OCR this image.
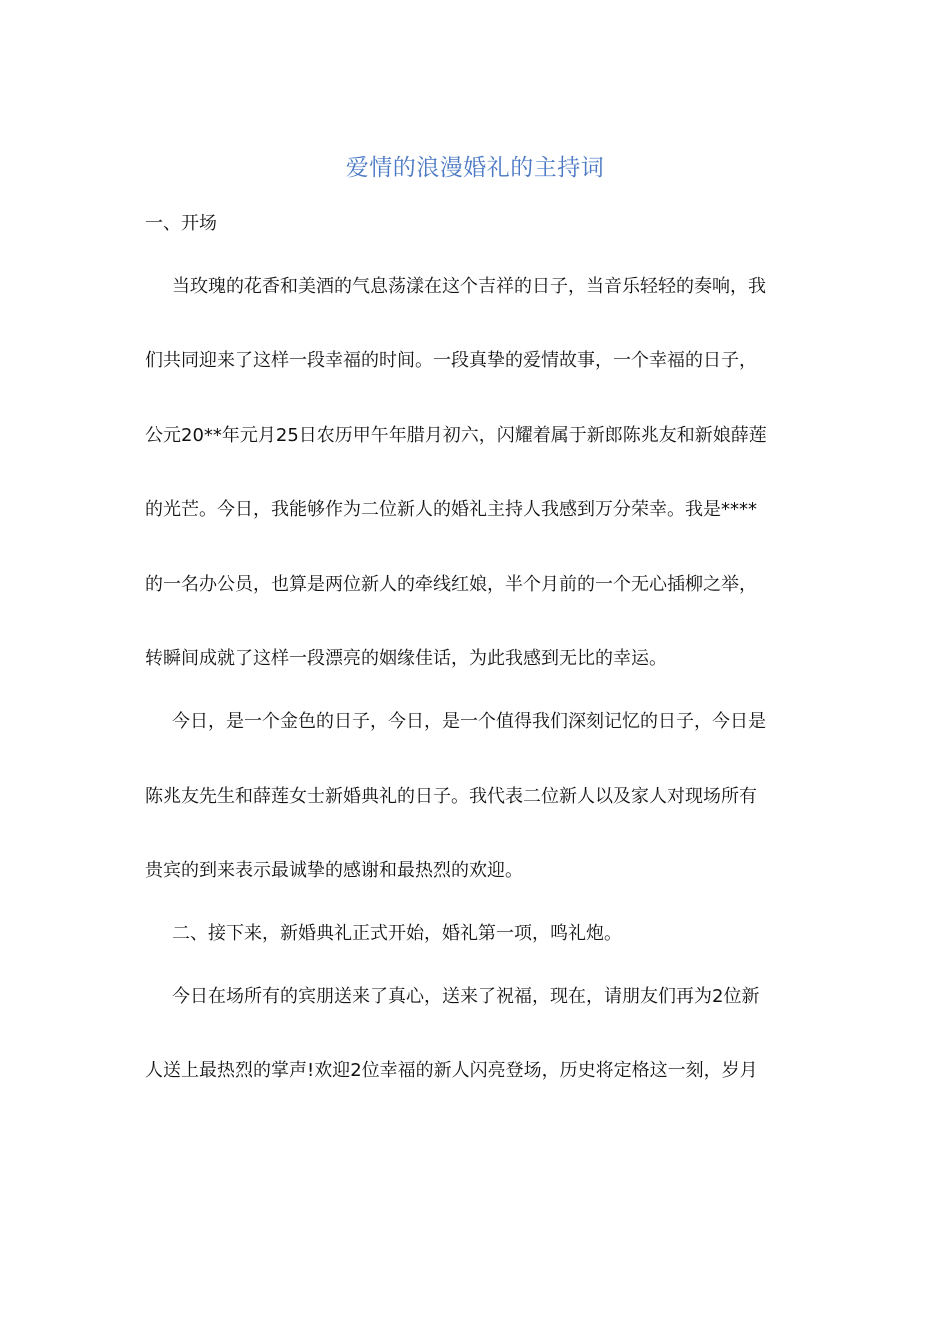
爱情的浪漫婚礼的主持词
一、开场
当玫瑰的花香和美酒的气息荡漾在这个吉祥的日子，当音乐轻轻的奏响，我
们共同迎来了这样一段幸福的时间。一段真挚的爱情故事，一个幸福的日子，
公元20**年元月25日农历甲午年腊月初六，闪耀着属于新郎陈兆友和新娘薛莲
的光芒。今日，我能够作为二位新人的婚礼主持人我感到万分荣幸。我是****
的一名办公员，也算是两位新人的牵线红娘，半个月前的一个无心插柳之举，
转瞬间成就了这样一段漂亮的姻缘佳话，为此我感到无比的幸运。
今日，是一个金色的日子，今日，是一个值得我们深刻记忆的日子，今日是
陈兆友先生和薛莲女士新婚典礼的日子。我代表二位新人以及家人对现场所有
贵宾的到来表示最诚挚的感谢和最热烈的欢迎。
二、接下来，新婚典礼正式开始，婚礼第一项，鸣礼炮。
今日在场所有的宾朋送来了真心，送来了祝福，现在，请朋友们再为2位新
人送上最热烈的掌声!欢迎2位幸福的新人闪亮登场，历史将定格这一刻，岁月
